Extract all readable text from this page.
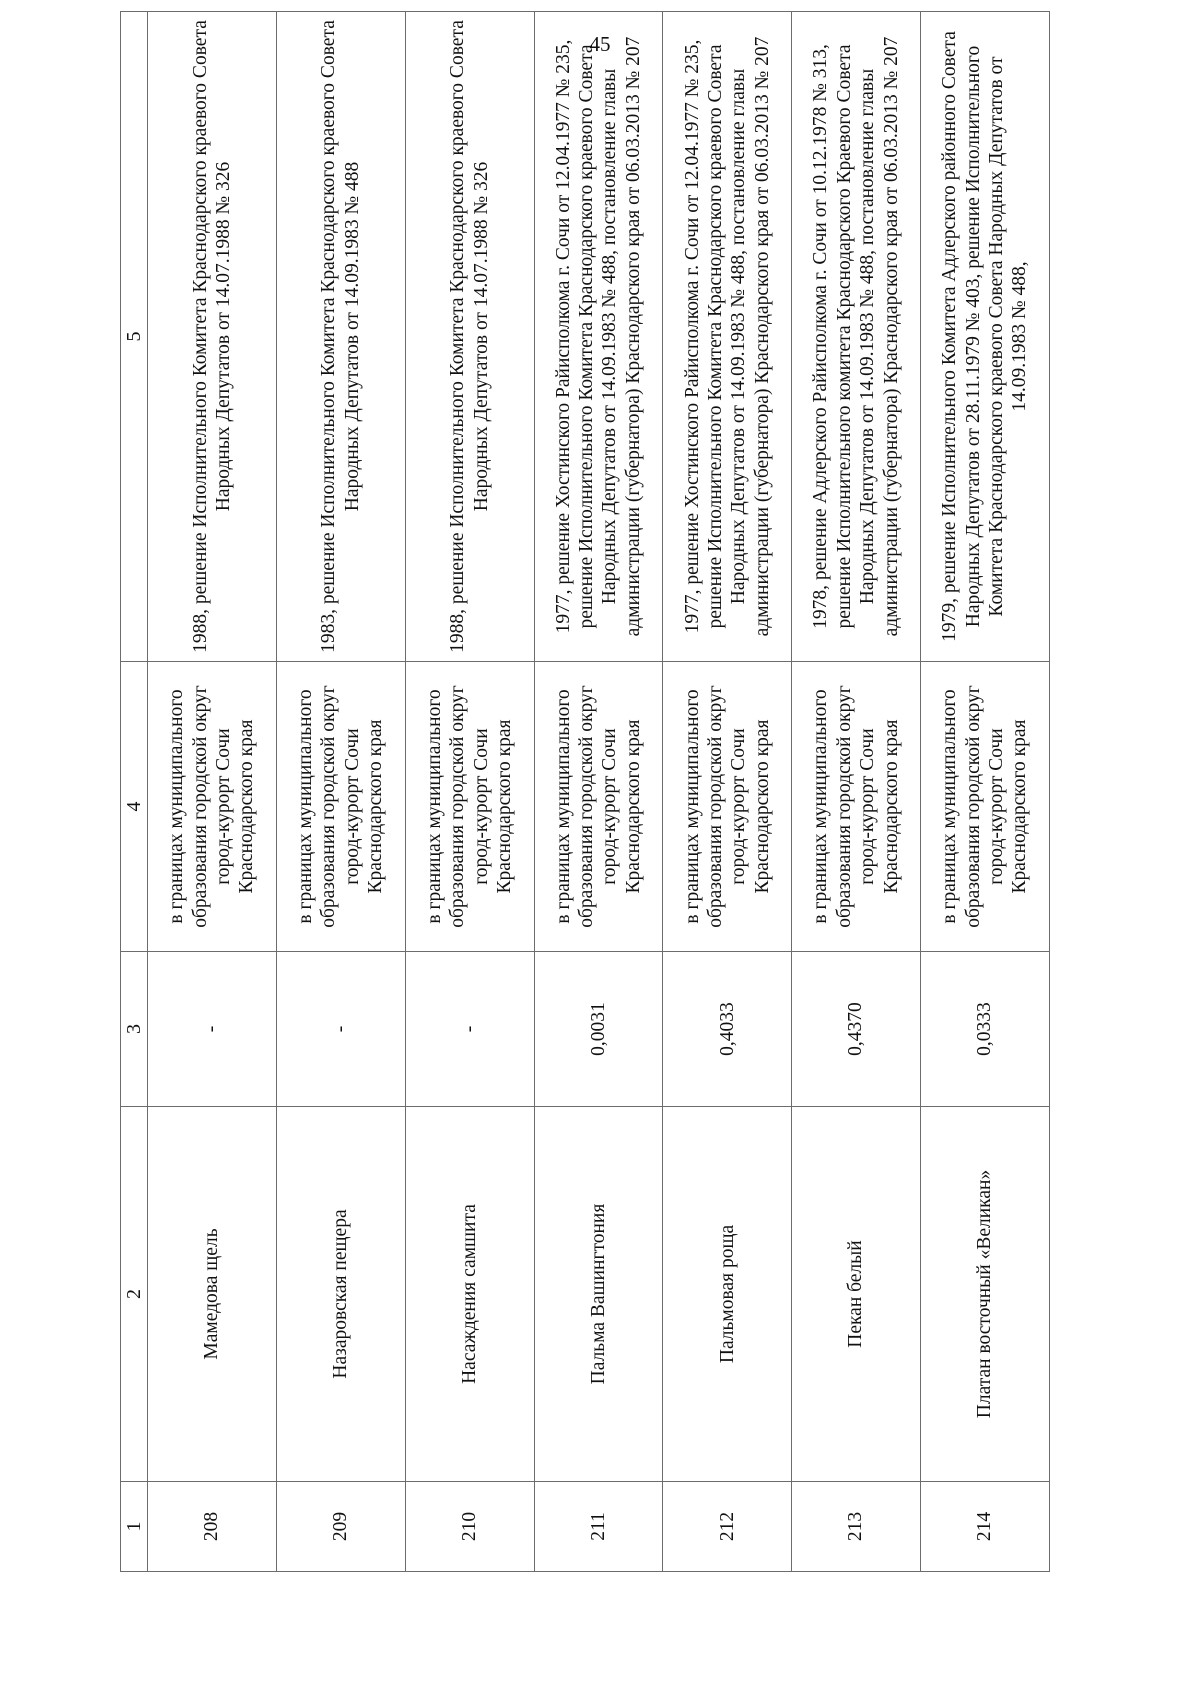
45
1	2	3	4	5
208	Мамедова щель	-	в границах муниципального образования городской округ город-курорт Сочи Краснодарского края	1988, решение Исполнительного Комитета Краснодарского краевого Совета Народных Депутатов от 14.07.1988 № 326
209	Назаровская пещера	-	в границах муниципального образования городской округ город-курорт Сочи Краснодарского края	1983, решение Исполнительного Комитета Краснодарского краевого Совета Народных Депутатов от 14.09.1983 № 488
210	Насаждения самшита	-	в границах муниципального образования городской округ город-курорт Сочи Краснодарского края	1988, решение Исполнительного Комитета Краснодарского краевого Совета Народных Депутатов от 14.07.1988 № 326
211	Пальма Вашингтония	0,0031	в границах муниципального образования городской округ город-курорт Сочи Краснодарского края	1977, решение Хостинского Райисполкома г. Сочи от 12.04.1977 № 235, решение Исполнительного Комитета Краснодарского краевого Совета Народных Депутатов от 14.09.1983 № 488, постановление главы администрации (губернатора) Краснодарского края от 06.03.2013 № 207
212	Пальмовая роща	0,4033	в границах муниципального образования городской округ город-курорт Сочи Краснодарского края	1977, решение Хостинского Райисполкома г. Сочи от 12.04.1977 № 235, решение Исполнительного Комитета Краснодарского краевого Совета Народных Депутатов от 14.09.1983 № 488, постановление главы администрации (губернатора) Краснодарского края от 06.03.2013 № 207
213	Пекан белый	0,4370	в границах муниципального образования городской округ город-курорт Сочи Краснодарского края	1978, решение Адлерского Райисполкома г. Сочи от 10.12.1978 № 313, решение Исполнительного комитета Краснодарского Краевого Совета Народных Депутатов от 14.09.1983 № 488, постановление главы администрации (губернатора) Краснодарского края от 06.03.2013 № 207
214	Платан восточный «Великан»	0,0333	в границах муниципального образования городской округ город-курорт Сочи Краснодарского края	1979, решение Исполнительного Комитета Адлерского районного Совета Народных Депутатов от 28.11.1979 № 403, решение Исполнительного Комитета Краснодарского краевого Совета Народных Депутатов от 14.09.1983 № 488,
